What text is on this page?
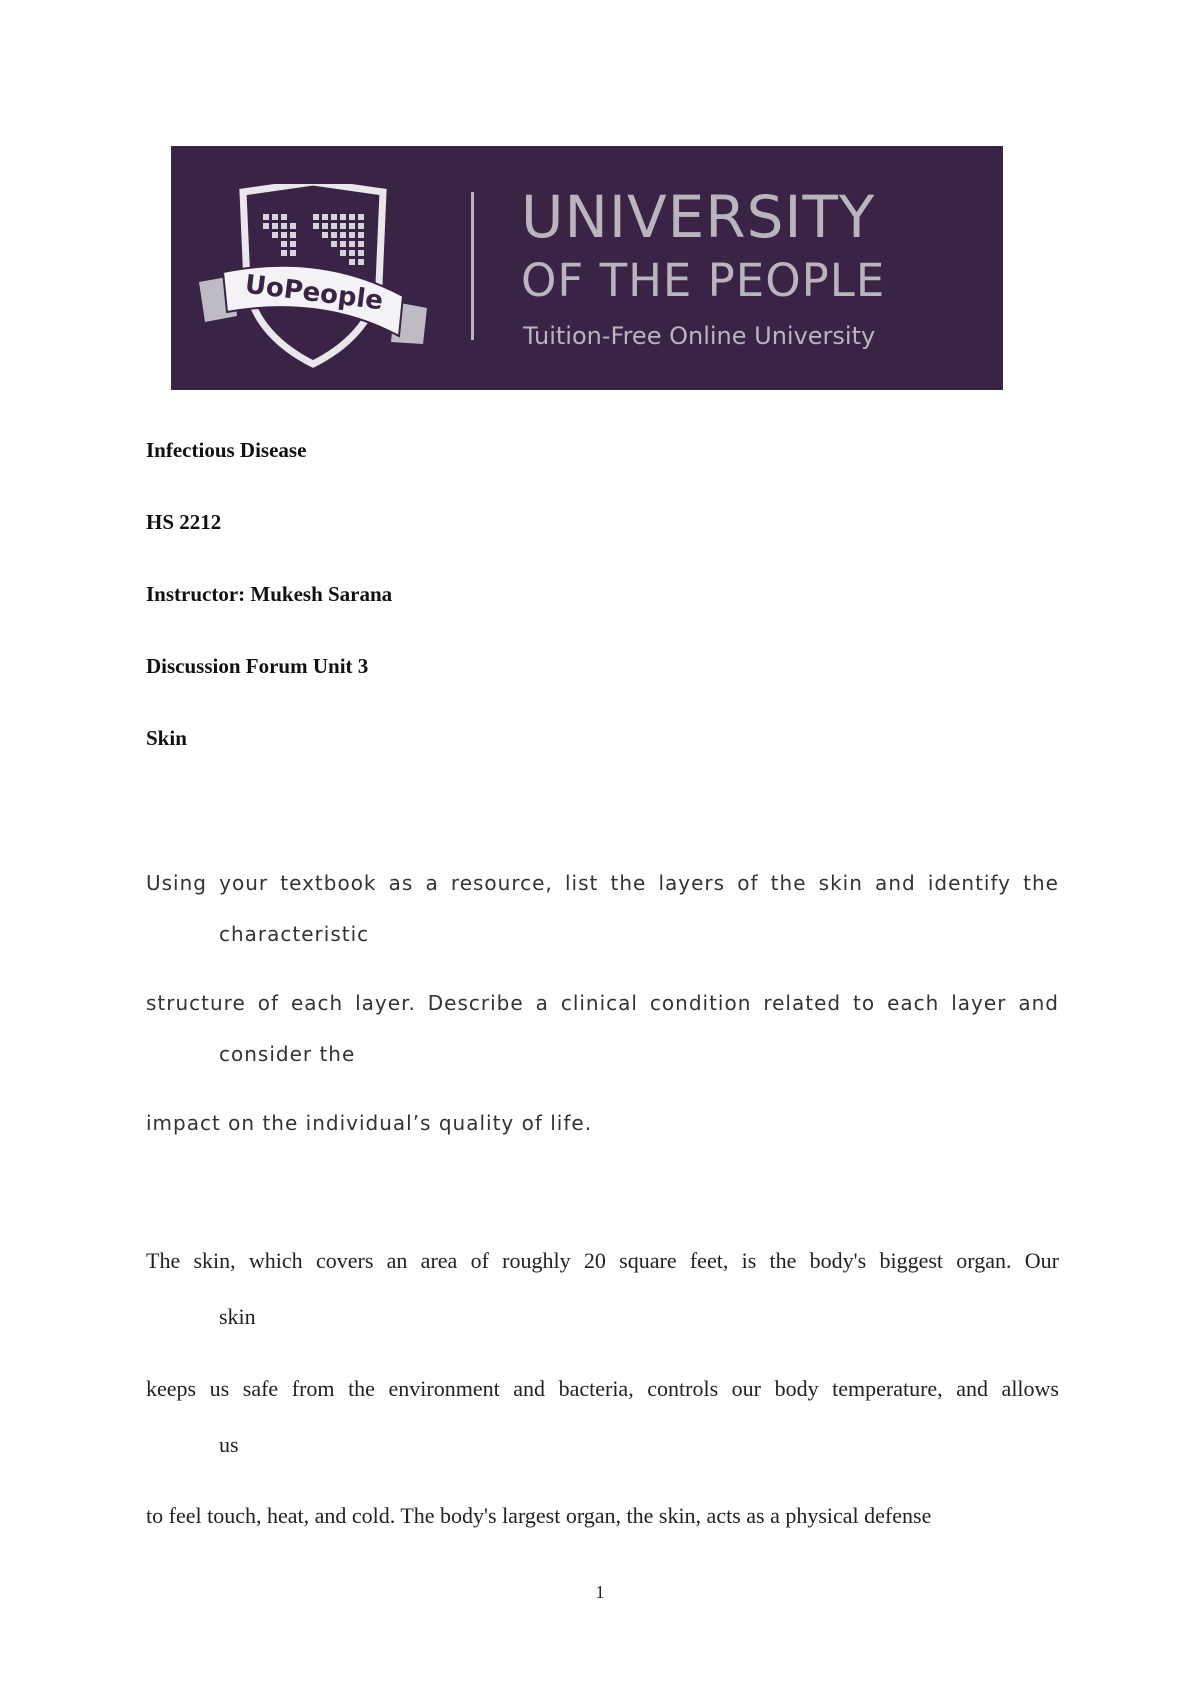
UoPeople
UNIVERSITY
OF THE PEOPLE
Tuition-Free Online University
Infectious Disease
HS 2212
Instructor: Mukesh Sarana
Discussion Forum Unit 3
Skin
Using your textbook as a resource, list the layers of the skin and identify the
characteristic
structure of each layer. Describe a clinical condition related to each layer and
consider the
impact on the individual’s quality of life.
The skin, which covers an area of roughly 20 square feet, is the body's biggest organ. Our
skin
keeps us safe from the environment and bacteria, controls our body temperature, and allows
us
to feel touch, heat, and cold. The body's largest organ, the skin, acts as a physical defense
1
